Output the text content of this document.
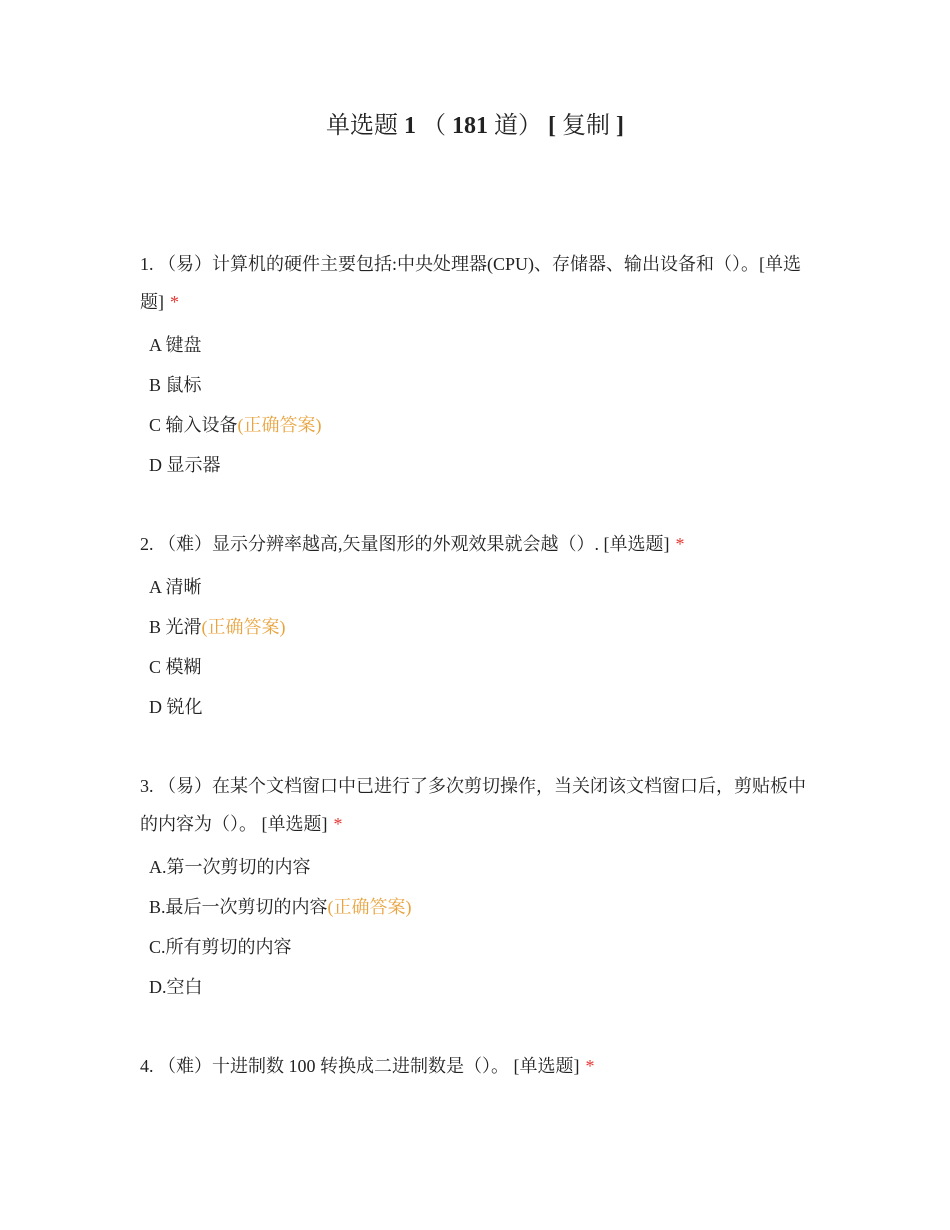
单选题 1 （ 181 道） [ 复制 ]

1. （易）计算机的硬件主要包括:中央处理器(CPU)、存储器、输出设备和（）。[单选题] *

A 键盘
B 鼠标
C 输入设备(正确答案)
D 显示器

2. （难）显示分辨率越高,矢量图形的外观效果就会越（）. [单选题] *

A 清晰
B 光滑(正确答案)
C 模糊
D 锐化

3. （易）在某个文档窗口中已进行了多次剪切操作，当关闭该文档窗口后，剪贴板中的内容为（）。 [单选题] *

A.第一次剪切的内容
B.最后一次剪切的内容(正确答案)
C.所有剪切的内容
D.空白

4. （难）十进制数 100 转换成二进制数是（）。 [单选题] *
